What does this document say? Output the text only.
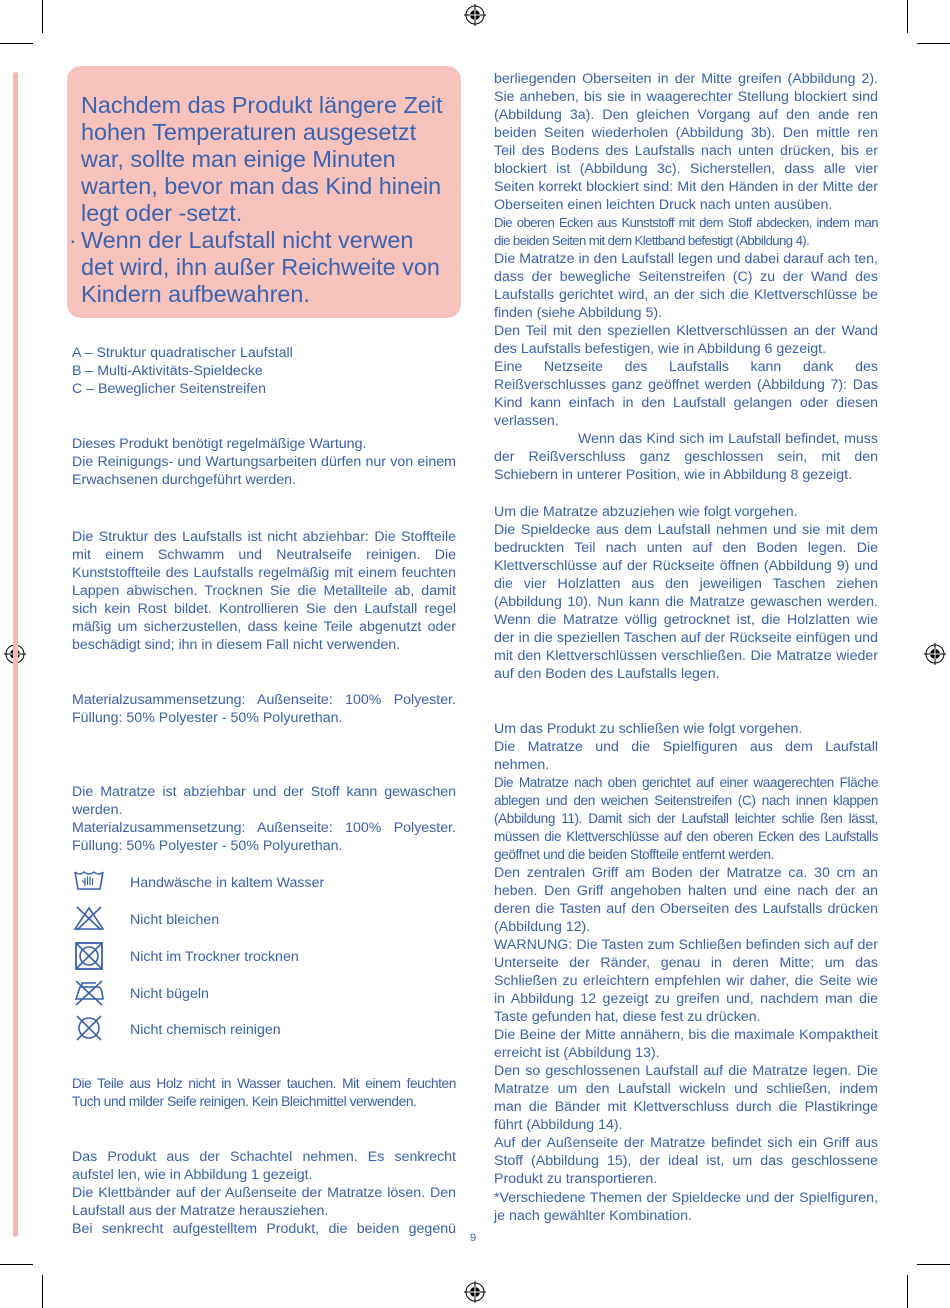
Nachdem das Produkt längere Zeit
hohen Temperaturen ausgesetzt
war, sollte man einige Minuten
warten, bevor man das Kind hinein
legt oder -setzt.
· Wenn der Laufstall nicht verwen
det wird, ihn außer Reichweite von
Kindern aufbewahren.

A – Struktur quadratischer Laufstall

B – Multi-Aktivitäts-Spieldecke

C – Beweglicher Seitenstreifen

Dieses Produkt benötigt regelmäßige Wartung.

Die Reinigungs- und Wartungsarbeiten dürfen nur von einem Erwachsenen durchgeführt werden.

Die Struktur des Laufstalls ist nicht abziehbar: Die Stoffteile mit einem Schwamm und Neutralseife reinigen. Die Kunststoffteile des Laufstalls regelmäßig mit einem feuchten Lappen abwischen. Trocknen Sie die Metallteile ab, damit sich kein Rost bildet. Kontrollieren Sie den Laufstall regel mäßig um sicherzustellen, dass keine Teile abgenutzt oder beschädigt sind; ihn in diesem Fall nicht verwenden.

Materialzusammensetzung: Außenseite: 100% Polyester.

Füllung: 50% Polyester - 50% Polyurethan.

Die Matratze ist abziehbar und der Stoff kann gewaschen werden.

Materialzusammensetzung: Außenseite: 100% Polyester.

Füllung: 50% Polyester - 50% Polyurethan.

Handwäsche in kaltem Wasser
Nicht bleichen
Nicht im Trockner trocknen
Nicht bügeln
Nicht chemisch reinigen

Die Teile aus Holz nicht in Wasser tauchen. Mit einem feuchten Tuch und milder Seife reinigen. Kein Bleichmittel verwenden.

Das Produkt aus der Schachtel nehmen. Es senkrecht aufstel len, wie in Abbildung 1 gezeigt.

Die Klettbänder auf der Außenseite der Matratze lösen. Den Laufstall aus der Matratze herausziehen.

Bei senkrecht aufgestelltem Produkt, die beiden gegenü

berliegenden Oberseiten in der Mitte greifen (Abbildung 2). Sie anheben, bis sie in waagerechter Stellung blockiert sind (Abbildung 3a). Den gleichen Vorgang auf den ande ren beiden Seiten wiederholen (Abbildung 3b). Den mittle ren Teil des Bodens des Laufstalls nach unten drücken, bis er blockiert ist (Abbildung 3c). Sicherstellen, dass alle vier Seiten korrekt blockiert sind: Mit den Händen in der Mitte der Oberseiten einen leichten Druck nach unten ausüben.

Die oberen Ecken aus Kunststoff mit dem Stoff abdecken, indem man die beiden Seiten mit dem Klettband befestigt (Abbildung 4).

Die Matratze in den Laufstall legen und dabei darauf ach ten, dass der bewegliche Seitenstreifen (C) zu der Wand des Laufstalls gerichtet wird, an der sich die Klettverschlüsse be finden (siehe Abbildung 5).

Den Teil mit den speziellen Klettverschlüssen an der Wand des Laufstalls befestigen, wie in Abbildung 6 gezeigt.

Eine Netzseite des Laufstalls kann dank des Reißverschlusses ganz geöffnet werden (Abbildung 7): Das Kind kann einfach in den Laufstall gelangen oder diesen verlassen.

Wenn das Kind sich im Laufstall befindet, muss der Reißverschluss ganz geschlossen sein, mit den Schiebern in unterer Position, wie in Abbildung 8 gezeigt.

Um die Matratze abzuziehen wie folgt vorgehen.

Die Spieldecke aus dem Laufstall nehmen und sie mit dem bedruckten Teil nach unten auf den Boden legen. Die Klettverschlüsse auf der Rückseite öffnen (Abbildung 9) und die vier Holzlatten aus den jeweiligen Taschen ziehen (Abbildung 10). Nun kann die Matratze gewaschen werden. Wenn die Matratze völlig getrocknet ist, die Holzlatten wie der in die speziellen Taschen auf der Rückseite einfügen und mit den Klettverschlüssen verschließen. Die Matratze wieder auf den Boden des Laufstalls legen.

Um das Produkt zu schließen wie folgt vorgehen.

Die Matratze und die Spielfiguren aus dem Laufstall nehmen.

Die Matratze nach oben gerichtet auf einer waagerechten Fläche ablegen und den weichen Seitenstreifen (C) nach innen klappen (Abbildung 11). Damit sich der Laufstall leichter schlie ßen lässt, müssen die Klettverschlüsse auf den oberen Ecken des Laufstalls geöffnet und die beiden Stoffteile entfernt werden.

Den zentralen Griff am Boden der Matratze ca. 30 cm an heben. Den Griff angehoben halten und eine nach der an deren die Tasten auf den Oberseiten des Laufstalls drücken (Abbildung 12).

WARNUNG: Die Tasten zum Schließen befinden sich auf der Unterseite der Ränder, genau in deren Mitte; um das Schließen zu erleichtern empfehlen wir daher, die Seite wie in Abbildung 12 gezeigt zu greifen und, nachdem man die Taste gefunden hat, diese fest zu drücken.

Die Beine der Mitte annähern, bis die maximale Kompaktheit erreicht ist (Abbildung 13).

Den so geschlossenen Laufstall auf die Matratze legen. Die Matratze um den Laufstall wickeln und schließen, indem man die Bänder mit Klettverschluss durch die Plastikringe führt (Abbildung 14).

Auf der Außenseite der Matratze befindet sich ein Griff aus Stoff (Abbildung 15), der ideal ist, um das geschlossene Produkt zu transportieren.

*Verschiedene Themen der Spieldecke und der Spielfiguren, je nach gewählter Kombination.

9
